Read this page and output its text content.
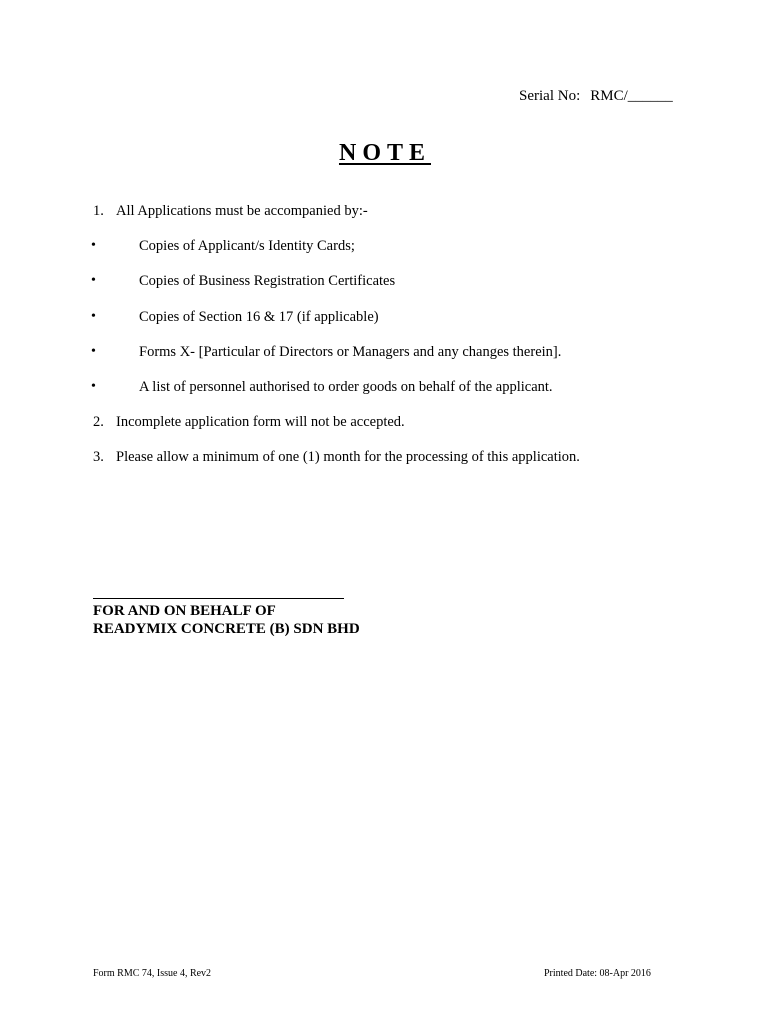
Serial No: RMC/______
NOTE
1. All Applications must be accompanied by:-
•	Copies of Applicant/s Identity Cards;
•	Copies of Business Registration Certificates
•	Copies of Section 16 & 17 (if applicable)
•	Forms X- [Particular of Directors or Managers and any changes therein].
•	A list of personnel authorised to order goods on behalf of the applicant.
2. Incomplete application form will not be accepted.
3. Please allow a minimum of one (1) month for the processing of this application.
FOR AND ON BEHALF OF
READYMIX CONCRETE (B) SDN BHD
Form RMC 74, Issue 4, Rev2	Printed Date: 08-Apr 2016
